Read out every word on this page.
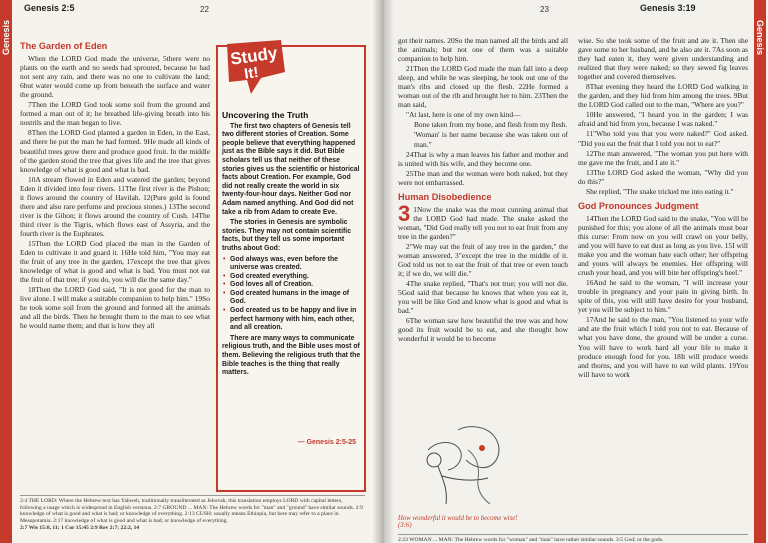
Genesis
Genesis 2:5	22
The Garden of Eden

When the LORD God made the universe, 5there were no plants on the earth and no seeds had sprouted, because he had not sent any rain, and there was no one to cultivate the land; 6but water would come up from beneath the surface and water the ground.

7Then the LORD God took some soil from the ground and formed a man out of it; he breathed life-giving breath into his nostrils and the man began to live.

8Then the LORD God planted a garden in Eden, in the East, and there he put the man he had formed. 9He made all kinds of beautiful trees grow there and produce good fruit. In the middle of the garden stood the tree that gives life and the tree that gives knowledge of what is good and what is bad.

10A stream flowed in Eden and watered the garden; beyond Eden it divided into four rivers. 11The first river is the Pishon; it flows around the country of Havilah. 12(Pure gold is found there and also rare perfume and precious stones.) 13The second river is the Gihon; it flows around the country of Cush. 14The third river is the Tigris, which flows east of Assyria, and the fourth river is the Euphrates.

15Then the LORD God placed the man in the Garden of Eden to cultivate it and guard it. 16He told him, "You may eat the fruit of any tree in the garden, 17except the tree that gives knowledge of what is good and what is bad. You must not eat the fruit of that tree; if you do, you will die the same day."

18Then the LORD God said, "It is not good for the man to live alone. I will make a suitable companion to help him." 19So he took some soil from the ground and formed all the animals and all the birds. Then he brought them to the man to see what he would name them; and that is how they all

2:4 THE LORD: Where the Hebrew text has Yahweh, traditionally transliterated as Jehovah, this translation employs LORD with capital letters, following a usage which is widespread in English versions. 2:7 GROUND ... MAN: The Hebrew words for "man" and "ground" have similar sounds. 2:9 knowledge of what is good and what is bad; or knowledge of everything. 2:13 CUSH: usually means Ethiopia, but here may refer to a place in Mesopotamia. 2:17 knowledge of what is good and what is bad; or knowledge of everything.
2:7 Wis 15:8, 11; 1 Cor 15:45 2:9 Rev 2:7; 22:2, 14
Uncovering the Truth

The first two chapters of Genesis tell two different stories of Creation. Some people believe that everything happened just as the Bible says it did. But Bible scholars tell us that neither of these stories gives us the scientific or historical facts about Creation. For example, God did not really create the world in six twenty-four-hour days. Neither God nor Adam named anything. And God did not take a rib from Adam to create Eve.

The stories in Genesis are symbolic stories. They may not contain scientific facts, but they tell us some important truths about God:

• God always was, even before the universe was created.
• God created everything.
• God loves all of Creation.
• God created humans in the image of God.
• God created us to be happy and live in perfect harmony with him, each other, and all creation.

There are many ways to communicate religious truth, and the Bible uses most of them. Believing the religious truth that the Bible teaches is the thing that really matters.

— Genesis 2:5-25
Study
It!
23	Genesis 3:19
Genesis

got their names. 20So the man named all the birds and all the animals; but not one of them was a suitable companion to help him.

21Then the LORD God made the man fall into a deep sleep, and while he was sleeping, he took out one of the man's ribs and closed up the flesh. 22He formed a woman out of the rib and brought her to him. 23Then the man said,

"At last, here is one of my own kind—

Bone taken from my bone, and flesh from my flesh.

'Woman' is her name because she was taken out of man."

24That is why a man leaves his father and mother and is united with his wife, and they become one.

25The man and the woman were both naked, but they were not embarrassed.

Human Disobedience

3 1Now the snake was the most cunning animal that the LORD God had made. The snake asked the woman, "Did God really tell you not to eat fruit from any tree in the garden?"

2"We may eat the fruit of any tree in the garden," the woman answered, 3"except the tree in the middle of it. God told us not to eat the fruit of that tree or even touch it; if we do, we will die."

4The snake replied, "That's not true; you will not die. 5God said that because he knows that when you eat it, you will be like God and know what is good and what is bad."

6The woman saw how beautiful the tree was and how good its fruit would be to eat, and she thought how wonderful it would be to become

wise. So she took some of the fruit and ate it. Then she gave some to her husband, and he also ate it. 7As soon as they had eaten it, they were given understanding and realized that they were naked; so they sewed fig leaves together and covered themselves.

8That evening they heard the LORD God walking in the garden, and they hid from him among the trees. 9But the LORD God called out to the man, "Where are you?"

10He answered, "I heard you in the garden; I was afraid and hid from you, because I was naked."

11"Who told you that you were naked?" God asked. "Did you eat the fruit that I told you not to eat?"

12The man answered, "The woman you put here with me gave me the fruit, and I ate it."

13The LORD God asked the woman, "Why did you do this?"

She replied, "The snake tricked me into eating it."

God Pronounces Judgment

14Then the LORD God said to the snake, "You will be punished for this; you alone of all the animals must bear this curse: From now on you will crawl on your belly, and you will have to eat dust as long as you live. 15I will make you and the woman hate each other; her offspring and yours will always be enemies. Her offspring will crush your head, and you will bite her offspring's heel."

16And he said to the woman, "I will increase your trouble in pregnancy and your pain in giving birth. In spite of this, you will still have desire for your husband, yet you will be subject to him."

17And he said to the man, "You listened to your wife and ate the fruit which I told you not to eat. Because of what you have done, the ground will be under a curse. You will have to work hard all your life to make it produce enough food for you. 18It will produce weeds and thorns, and you will have to eat wild plants. 19You will have to work

2:23 WOMAN ... MAN: The Hebrew words for "woman" and "man" have rather similar sounds. 3:5 God; or the gods.
How wonderful it would be to become wise! (3:6)
